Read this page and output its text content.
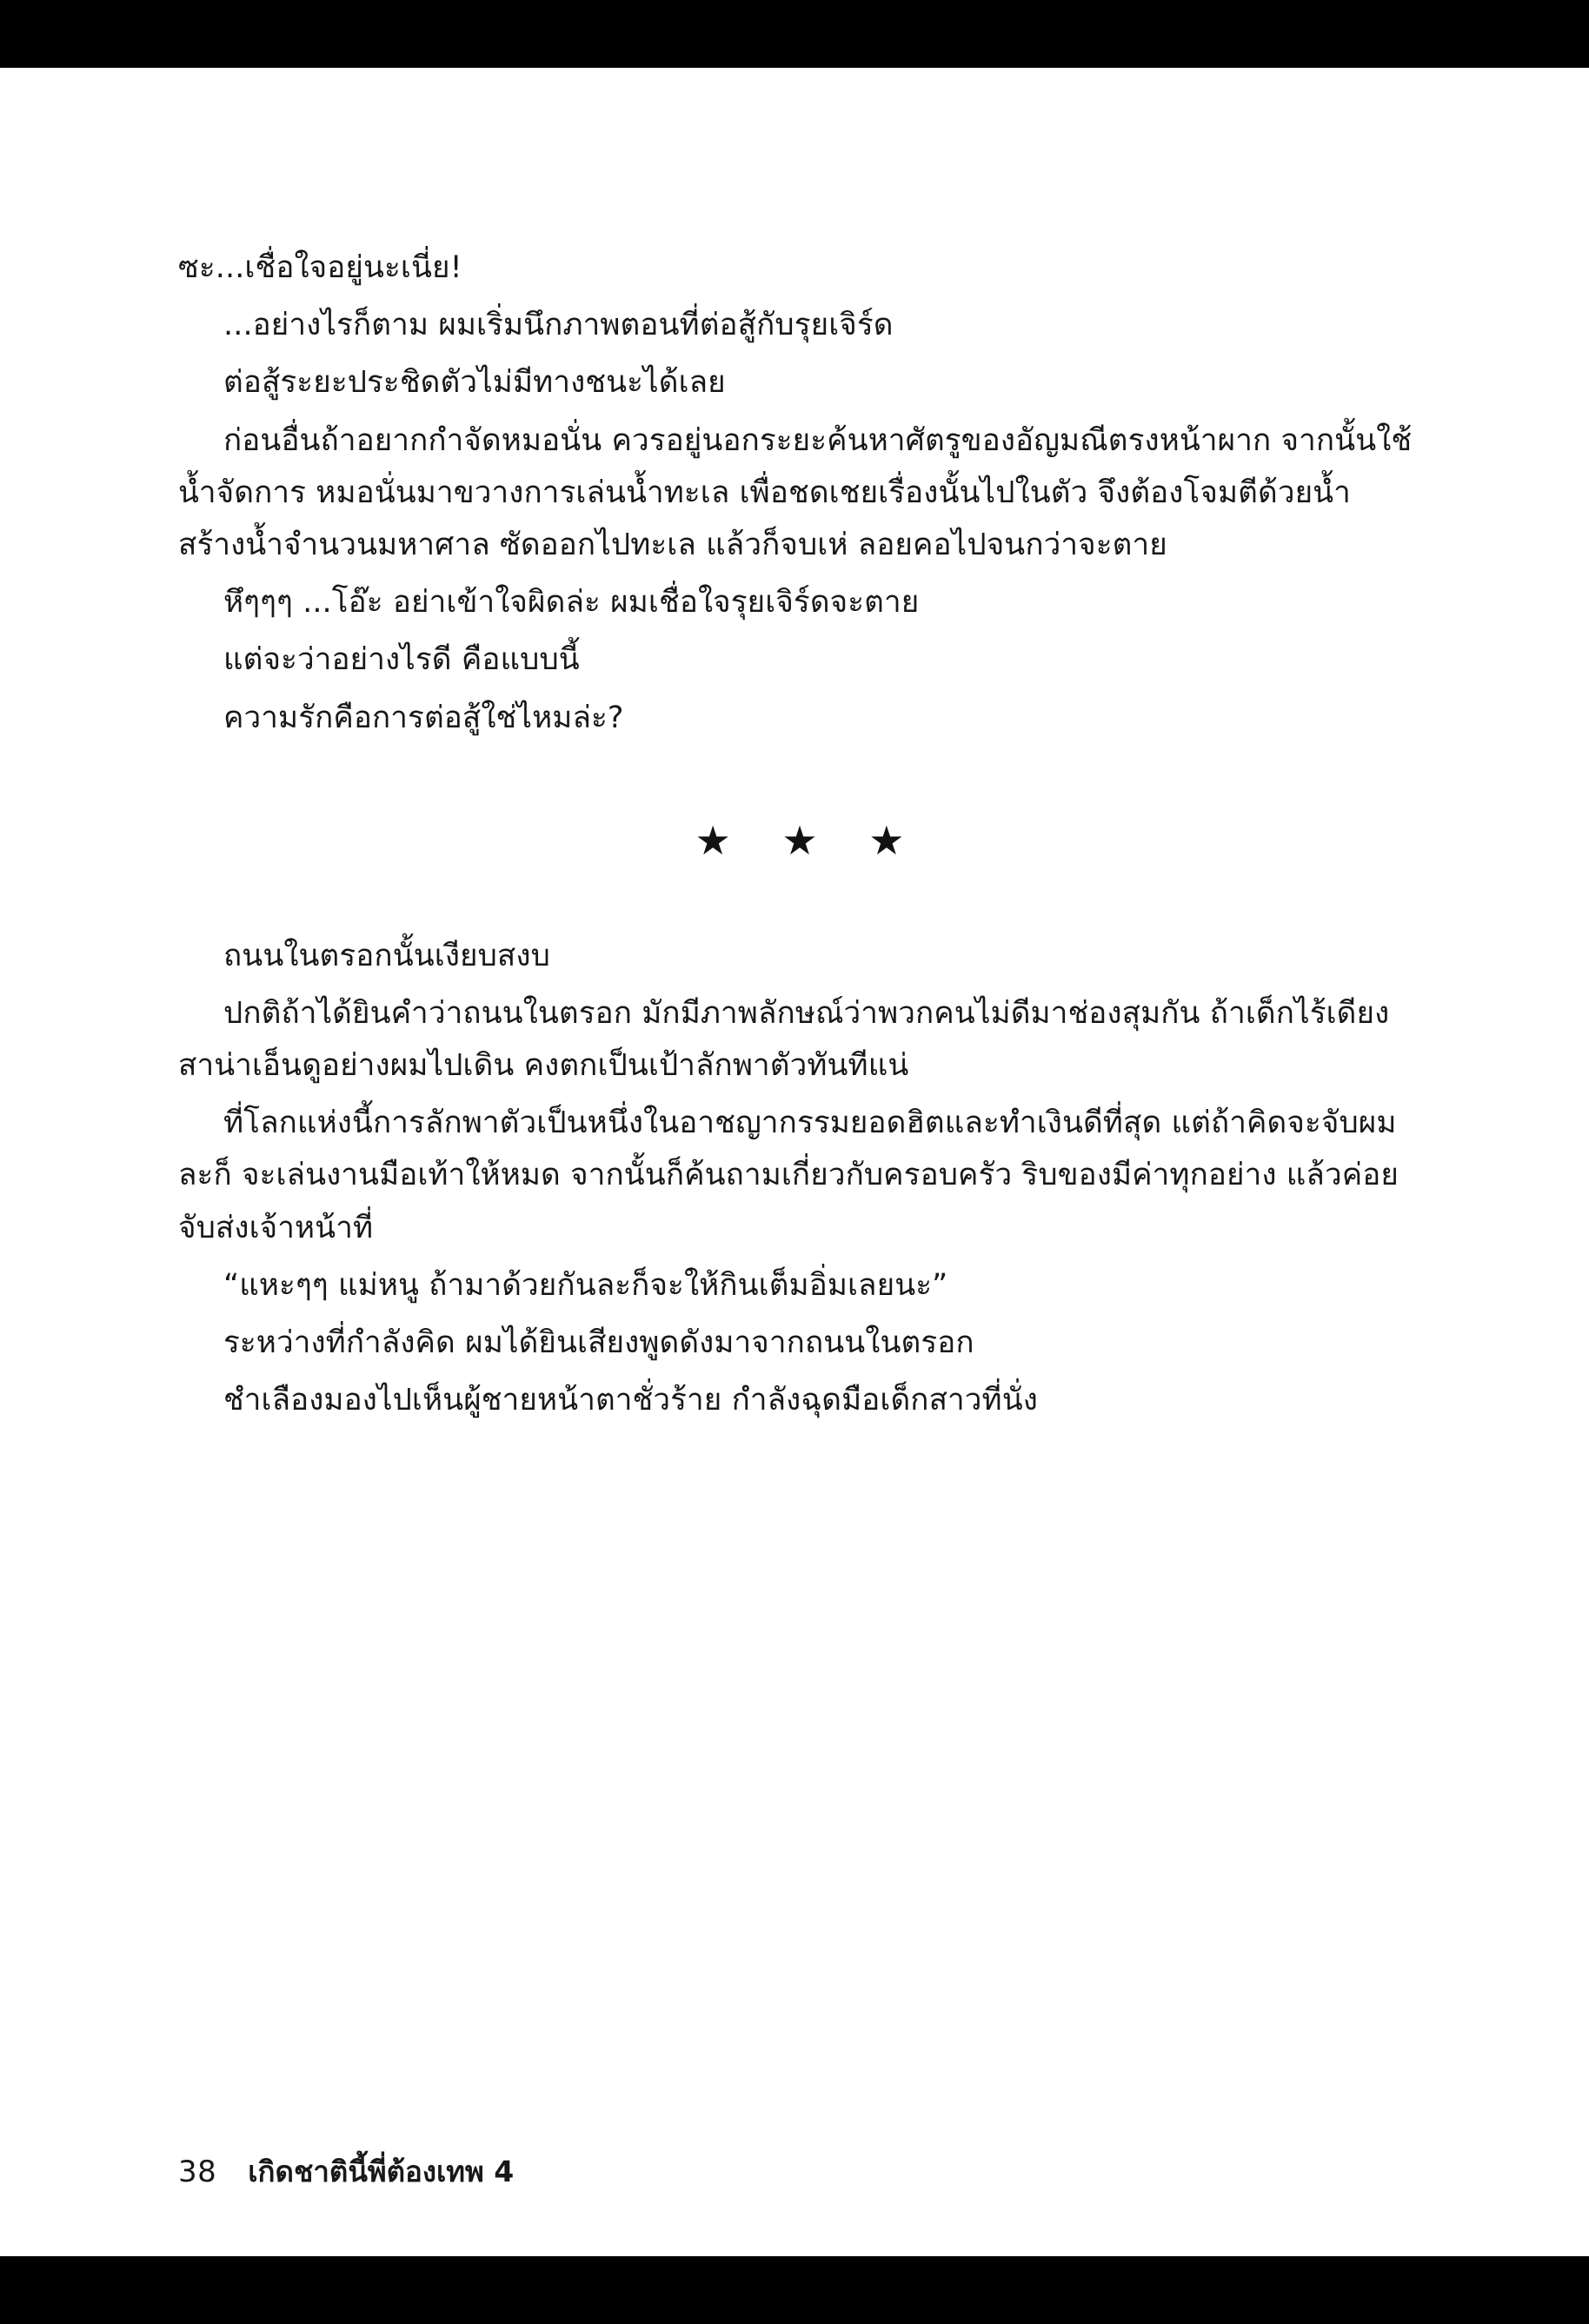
ซะ...เชื่อใจอยู่นะเนี่ย!

...อย่างไรก็ตาม ผมเริ่มนึกภาพตอนที่ต่อสู้กับรุยเจิร์ด

ต่อสู้ระยะประชิดตัวไม่มีทางชนะได้เลย

ก่อนอื่นถ้าอยากกำจัดหมอนั่น ควรอยู่นอกระยะค้นหาศัตรูของอัญมณีตรงหน้าผาก จากนั้นใช้น้ำจัดการ หมอนั่นมาขวางการเล่นน้ำทะเล เพื่อชดเชยเรื่องนั้นไปในตัว จึงต้องโจมตีด้วยน้ำ สร้างน้ำจำนวนมหาศาล ซัดออกไปทะเล แล้วก็จบเห่ ลอยคอไปจนกว่าจะตาย

หึๆๆๆ ...โอ๊ะ อย่าเข้าใจผิดล่ะ ผมเชื่อใจรุยเจิร์ดจะตาย

แต่จะว่าอย่างไรดี คือแบบนี้

ความรักคือการต่อสู้ใช่ไหมล่ะ?

★ ★ ★

ถนนในตรอกนั้นเงียบสงบ

ปกติถ้าได้ยินคำว่าถนนในตรอก มักมีภาพลักษณ์ว่าพวกคนไม่ดีมาช่องสุมกัน ถ้าเด็กไร้เดียงสาน่าเอ็นดูอย่างผมไปเดิน คงตกเป็นเป้าลักพาตัวทันทีแน่

ที่โลกแห่งนี้การลักพาตัวเป็นหนึ่งในอาชญากรรมยอดฮิตและทำเงินดีที่สุด แต่ถ้าคิดจะจับผมละก็ จะเล่นงานมือเท้าให้หมด จากนั้นก็ค้นถามเกี่ยวกับครอบครัว ริบของมีค่าทุกอย่าง แล้วค่อยจับส่งเจ้าหน้าที่

“แหะๆๆ แม่หนู ถ้ามาด้วยกันละก็จะให้กินเต็มอิ่มเลยนะ”

ระหว่างที่กำลังคิด ผมได้ยินเสียงพูดดังมาจากถนนในตรอก

ชำเลืองมองไปเห็นผู้ชายหน้าตาชั่วร้าย กำลังฉุดมือเด็กสาวที่นั่ง

38 เกิดชาตินี้พี่ต้องเทพ 4
